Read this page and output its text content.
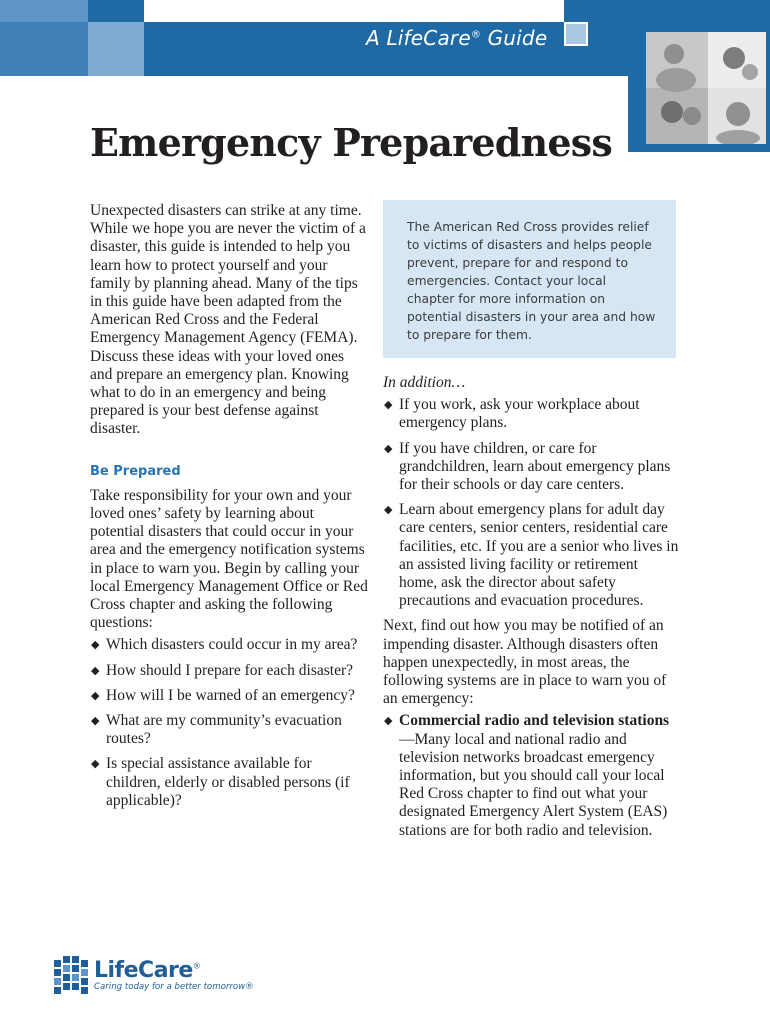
A LifeCare® Guide
Emergency Preparedness

Unexpected disasters can strike at any time. While we hope you are never the victim of a disaster, this guide is intended to help you learn how to protect yourself and your family by planning ahead. Many of the tips in this guide have been adapted from the American Red Cross and the Federal Emergency Management Agency (FEMA). Discuss these ideas with your loved ones and prepare an emergency plan. Knowing what to do in an emergency and being prepared is your best defense against disaster.

Be Prepared

Take responsibility for your own and your loved ones’ safety by learning about potential disasters that could occur in your area and the emergency notification systems in place to warn you. Begin by calling your local Emergency Management Office or Red Cross chapter and asking the following questions:

◆ Which disasters could occur in my area?
◆ How should I prepare for each disaster?
◆ How will I be warned of an emergency?
◆ What are my community’s evacuation routes?
◆ Is special assistance available for children, elderly or disabled persons (if applicable)?
The American Red Cross provides relief to victims of disasters and helps people prevent, prepare for and respond to emergencies. Contact your local chapter for more information on potential disasters in your area and how to prepare for them.

In addition…

◆ If you work, ask your workplace about emergency plans.
◆ If you have children, or care for grandchildren, learn about emergency plans for their schools or day care centers.
◆ Learn about emergency plans for adult day care centers, senior centers, residential care facilities, etc. If you are a senior who lives in an assisted living facility or retirement home, ask the director about safety precautions and evacuation procedures.

Next, find out how you may be notified of an impending disaster. Although disasters often happen unexpectedly, in most areas, the following systems are in place to warn you of an emergency:

◆ Commercial radio and television stations—Many local and national radio and television networks broadcast emergency information, but you should call your local Red Cross chapter to find out what your designated Emergency Alert System (EAS) stations are for both radio and television.
LifeCare®
Caring today for a better tomorrow®
